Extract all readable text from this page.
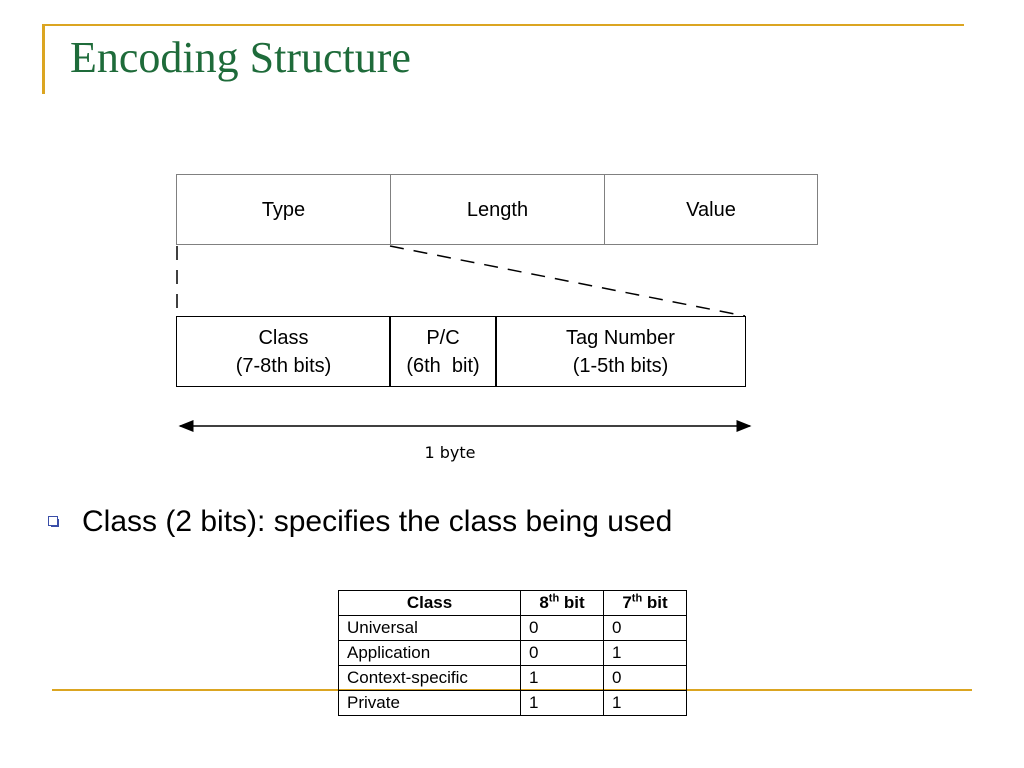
Encoding Structure
Type	Length	Value
Class
(7-8th bits)
P/C
(6th  bit)
Tag Number
(1-5th bits)
1 byte
Class (2 bits): specifies the class being used
Class	8th bit	7th bit
Universal	0	0
Application	0	1
Context-specific	1	0
Private	1	1
